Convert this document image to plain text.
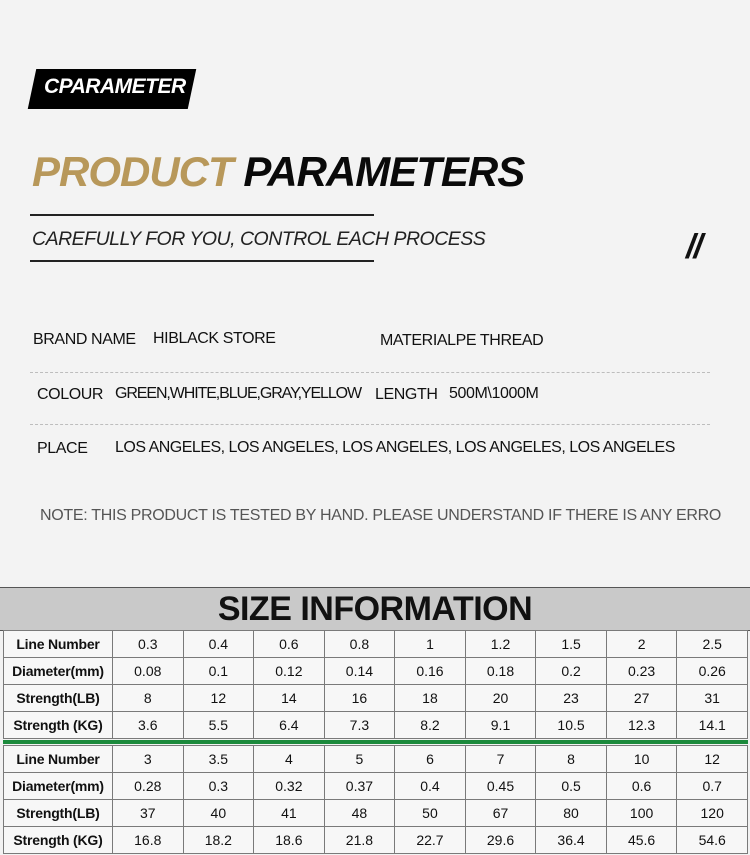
CPARAMETER
PRODUCT PARAMETERS
CAREFULLY FOR YOU, CONTROL EACH PROCESS	//
BRAND NAME HIBLACK STORE	MATERIALPE THREAD
COLOUR GREEN,WHITE,BLUE,GRAY,YELLOW LENGTH 500M\1000M
PLACE LOS ANGELES, LOS ANGELES, LOS ANGELES, LOS ANGELES, LOS ANGELES
NOTE: THIS PRODUCT IS TESTED BY HAND. PLEASE UNDERSTAND IF THERE IS ANY ERRO
SIZE INFORMATION
Line Number	0.3	0.4	0.6	0.8	1	1.2	1.5	2	2.5
Diameter(mm)	0.08	0.1	0.12	0.14	0.16	0.18	0.2	0.23	0.26
Strength(LB)	8	12	14	16	18	20	23	27	31
Strength (KG)	3.6	5.5	6.4	7.3	8.2	9.1	10.5	12.3	14.1
Line Number	3	3.5	4	5	6	7	8	10	12
Diameter(mm)	0.28	0.3	0.32	0.37	0.4	0.45	0.5	0.6	0.7
Strength(LB)	37	40	41	48	50	67	80	100	120
Strength (KG)	16.8	18.2	18.6	21.8	22.7	29.6	36.4	45.6	54.6
